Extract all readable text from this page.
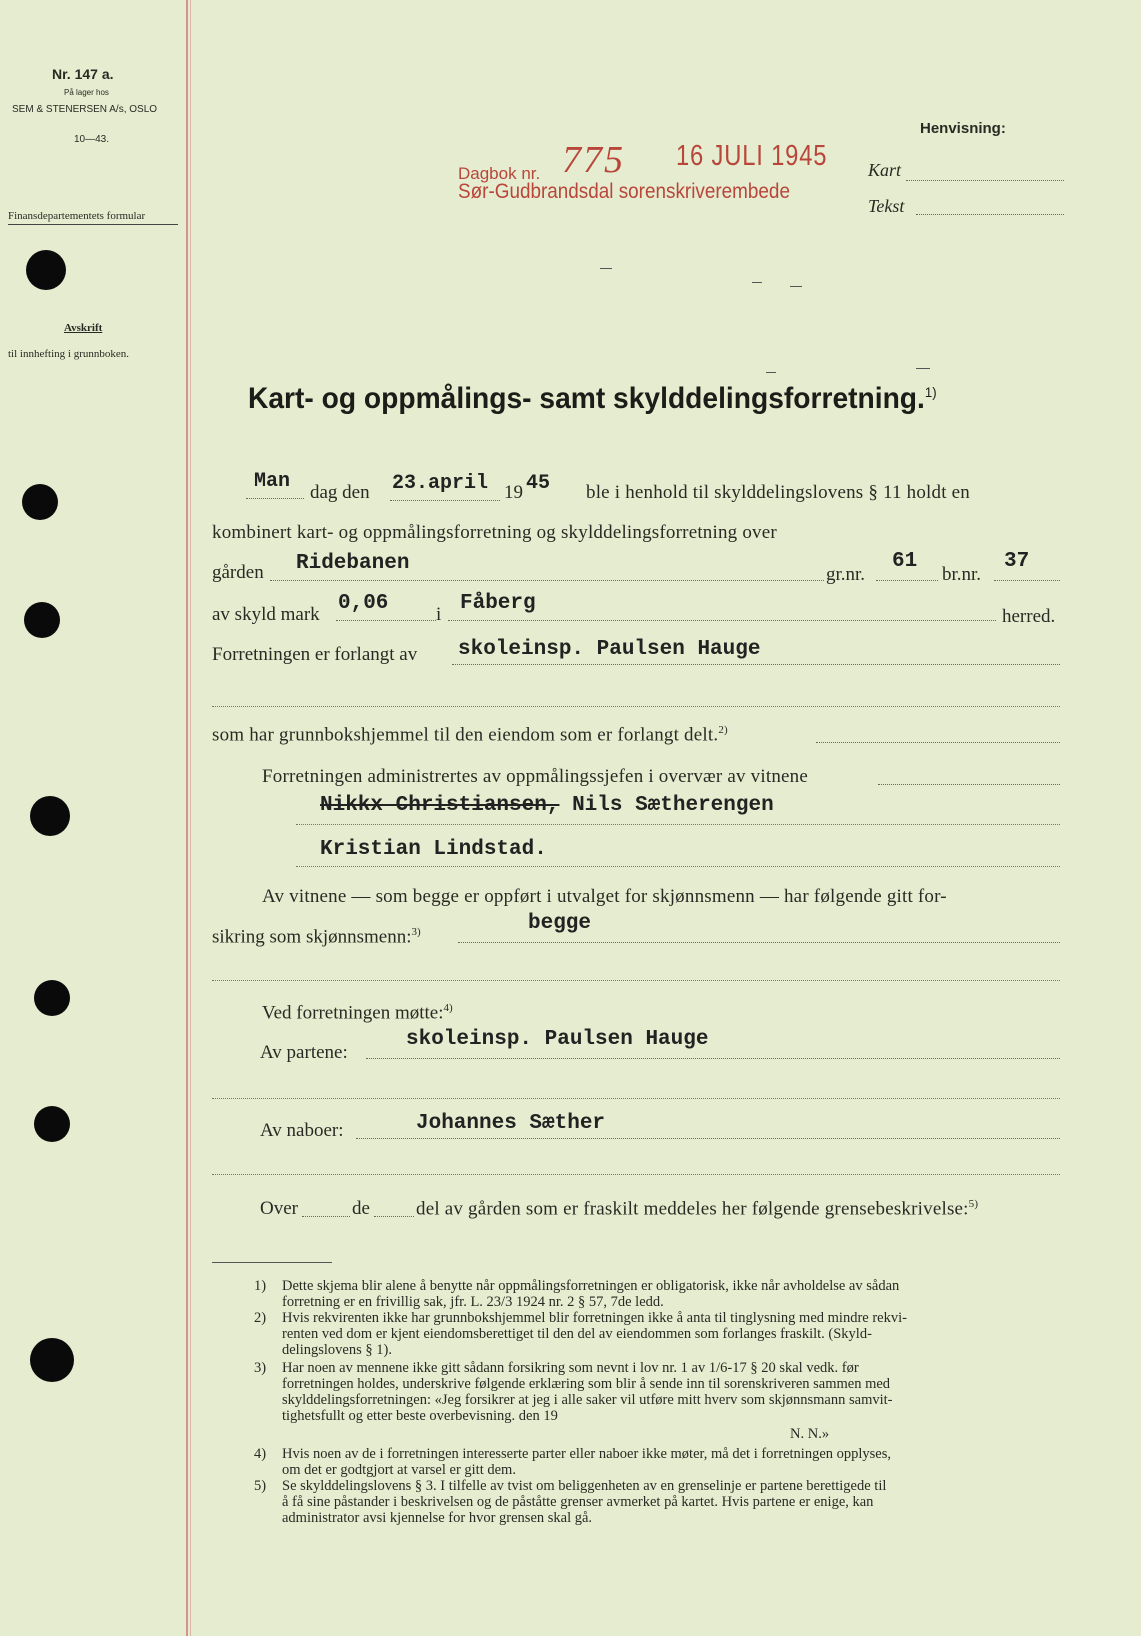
Nr. 147 a.
På lager hos
SEM & STENERSEN A/s, OSLO
10—43.
Finansdepartementets formular
Avskrift
til innhefting i grunnboken.
Dagbok nr. 775 16 JULI 1945
Sør-Gudbrandsdal sorenskriverembede
Henvisning:
Kart
Tekst
Kart- og oppmålings- samt skylddelingsforretning.$^{1)}$
Man dag den 23.april 19 45 ble i henhold til skylddelingslovens § 11 holdt en
kombinert kart- og oppmålingsforretning og skylddelingsforretning over
gården Ridebanen	gr.nr.
61
br.nr.
37
av skyld mark 0,06	i Fåberg
herred.
Forretningen er forlangt av skoleinsp. Paulsen Hauge
som har grunnbokshjemmel til den eiendom som er forlangt delt.$^{2)}$
Forretningen administrertes av oppmålingssjefen i overvær av vitnene
Nikkx Christiansen, Nils Sætherengen
Kristian Lindstad.
Av vitnene — som begge er oppført i utvalget for skjønnsmenn — har følgende gitt for-
sikring som skjønnsmenn:$^{3)}$	begge
Ved forretningen møtte:$^{4)}$
Av partene:
skoleinsp. Paulsen Hauge
Av naboer:	Johannes Sæther
Over	de del av gården som er fraskilt meddeles her følgende grensebeskrivelse:$^{5)}$
1) Dette skjema blir alene å benytte når oppmålingsforretningen er obligatorisk, ikke når avholdelse av sådan
forretning er en frivillig sak, jfr. L. 23/3 1924 nr. 2 § 57, 7de ledd.
2) Hvis rekvirenten ikke har grunnbokshjemmel blir forretningen ikke å anta til tinglysning med mindre rekvi-
renten ved dom er kjent eiendomsberettiget til den del av eiendommen som forlanges fraskilt. (Skyld-
delingslovens § 1).
3) Har noen av mennene ikke gitt sådann forsikring som nevnt i lov nr. 1 av 1/6-17 § 20 skal vedk. før
forretningen holdes, underskrive følgende erklæring som blir å sende inn til sorenskriveren sammen med
skylddelingsforretningen: «Jeg forsikrer at jeg i alle saker vil utføre mitt hverv som skjønnsmann samvit-
tighetsfullt og etter beste overbevisning. den 19
N. N.»
4) Hvis noen av de i forretningen interesserte parter eller naboer ikke møter, må det i forretningen opplyses,
om det er godtgjort at varsel er gitt dem.
5) Se skylddelingslovens § 3. I tilfelle av tvist om beliggenheten av en grenselinje er partene berettigede til
å få sine påstander i beskrivelsen og de påståtte grenser avmerket på kartet. Hvis partene er enige, kan
administrator avsi kjennelse for hvor grensen skal gå.
